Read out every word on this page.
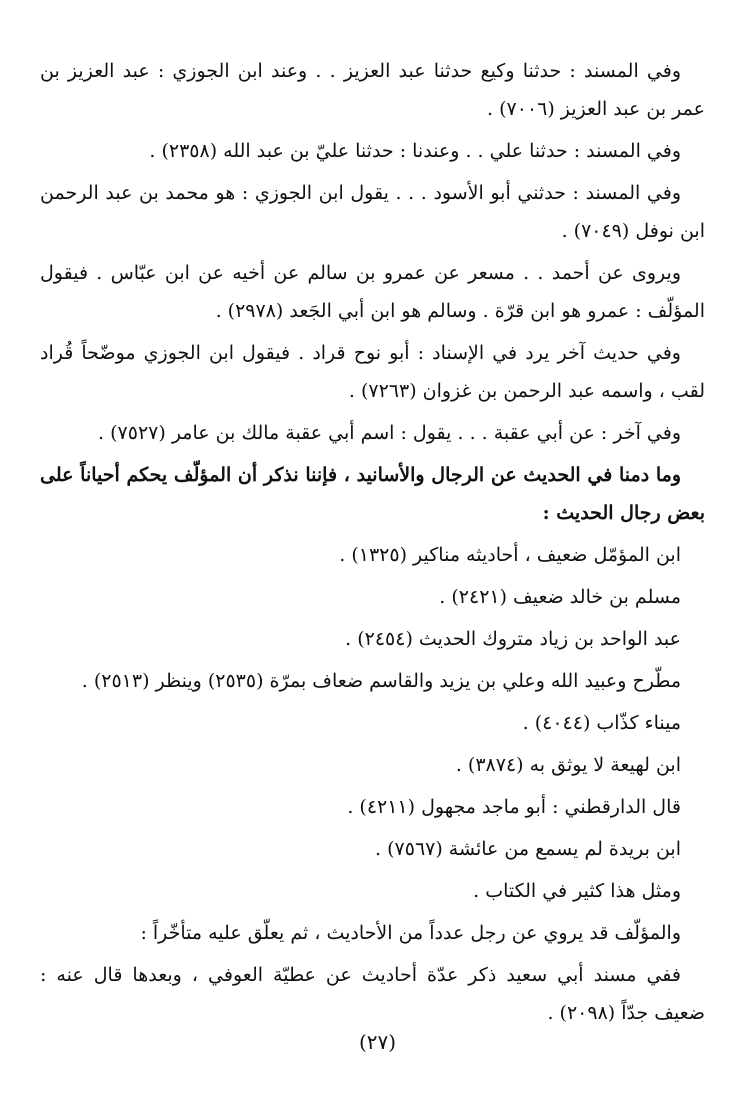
وفي المسند : حدثنا وكيع حدثنا عبد العزيز . . وعند ابن الجوزي : عبد العزيز بن عمر بن عبد العزيز (٧٠٠٦) .

وفي المسند : حدثنا علي . . وعندنا : حدثنا عليّ بن عبد الله (٢٣٥٨) .

وفي المسند : حدثني أبو الأسود . . . يقول ابن الجوزي : هو محمد بن عبد الرحمن ابن نوفل (٧٠٤٩) .

ويروى عن أحمد . . مسعر عن عمرو بن سالم عن أخيه عن ابن عبّاس . فيقول المؤلّف : عمرو هو ابن قرّة . وسالم هو ابن أبي الجَعد (٢٩٧٨) .

وفي حديث آخر يرد في الإسناد : أبو نوح قراد . فيقول ابن الجوزي موضّحاً قُراد لقب ، واسمه عبد الرحمن بن غزوان (٧٢٦٣) .

وفي آخر : عن أبي عقبة . . . يقول : اسم أبي عقبة مالك بن عامر (٧٥٢٧) .

وما دمنا في الحديث عن الرجال والأسانيد ، فإننا نذكر أن المؤلّف يحكم أحياناً على بعض رجال الحديث :

ابن المؤمّل ضعيف ، أحاديثه مناكير (١٣٢٥) .

مسلم بن خالد ضعيف (٢٤٢١) .

عبد الواحد بن زياد متروك الحديث (٢٤٥٤) .

مطّرح وعبيد الله وعلي بن يزيد والقاسم ضعاف بمرّة (٢٥٣٥) وينظر (٢٥١٣) .

ميناء كذّاب (٤٠٤٤) .

ابن لهيعة لا يوثق به (٣٨٧٤) .

قال الدارقطني : أبو ماجد مجهول (٤٢١١) .

ابن بريدة لم يسمع من عائشة (٧٥٦٧) .

ومثل هذا كثير في الكتاب .

والمؤلّف قد يروي عن رجل عدداً من الأحاديث ، ثم يعلّق عليه متأخّراً :

ففي مسند أبي سعيد ذكر عدّة أحاديث عن عطيّة العوفي ، وبعدها قال عنه : ضعيف جدّاً (٢٠٩٨) .

(٢٧)
